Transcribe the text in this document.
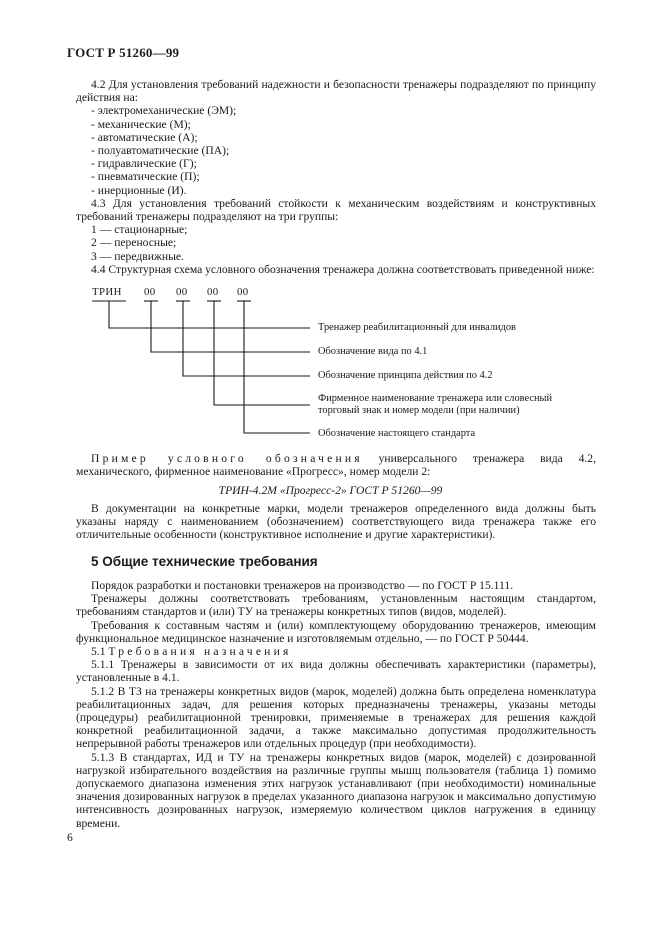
ГОСТ Р 51260—99

4.2 Для установления требований надежности и безопасности тренажеры подразделяют по принципу действия на:

- электромеханические (ЭМ);

- механические (М);

- автоматические (А);

- полуавтоматические (ПА);

- гидравлические (Г);

- пневматические (П);

- инерционные (И).

4.3 Для установления требований стойкости к механическим воздействиям и конструктивных требований тренажеры подразделяют на три группы:

1 — стационарные;

2 — переносные;

3 — передвижные.

4.4 Структурная схема условного обозначения тренажера должна соответствовать приведенной ниже:

ТРИН 00 00 00 00
Тренажер реабилитационный для инвалидов
Обозначение вида по 4.1
Обозначение принципа действия по 4.2
Фирменное наименование тренажера или словесный торговый знак и номер модели (при наличии)
Обозначение настоящего стандарта

Пример условного обозначения универсального тренажера вида 4.2, механического, фирменное наименование «Прогресс», номер модели 2:

ТРИН-4.2М «Прогресс-2» ГОСТ Р 51260—99

В документации на конкретные марки, модели тренажеров определенного вида должны быть указаны наряду с наименованием (обозначением) соответствующего вида тренажера также его отличительные особенности (конструктивное исполнение и другие характеристики).

5 Общие технические требования

Порядок разработки и постановки тренажеров на производство — по ГОСТ Р 15.111.

Тренажеры должны соответствовать требованиям, установленным настоящим стандартом, требованиям стандартов и (или) ТУ на тренажеры конкретных типов (видов, моделей).

Требования к составным частям и (или) комплектующему оборудованию тренажеров, имеющим функциональное медицинское назначение и изготовляемым отдельно, — по ГОСТ Р 50444.

5.1 Требования назначения

5.1.1 Тренажеры в зависимости от их вида должны обеспечивать характеристики (параметры), установленные в 4.1.

5.1.2 В ТЗ на тренажеры конкретных видов (марок, моделей) должна быть определена номенклатура реабилитационных задач, для решения которых предназначены тренажеры, указаны методы (процедуры) реабилитационной тренировки, применяемые в тренажерах для решения каждой конкретной реабилитационной задачи, а также максимально допустимая продолжительность непрерывной работы тренажеров или отдельных процедур (при необходимости).

5.1.3 В стандартах, ИД и ТУ на тренажеры конкретных видов (марок, моделей) с дозированной нагрузкой избирательного воздействия на различные группы мышц пользователя (таблица 1) помимо допускаемого диапазона изменения этих нагрузок устанавливают (при необходимости) номинальные значения дозированных нагрузок в пределах указанного диапазона нагрузок и максимально допустимую интенсивность дозированных нагрузок, измеряемую количеством циклов нагружения в единицу времени.

6
